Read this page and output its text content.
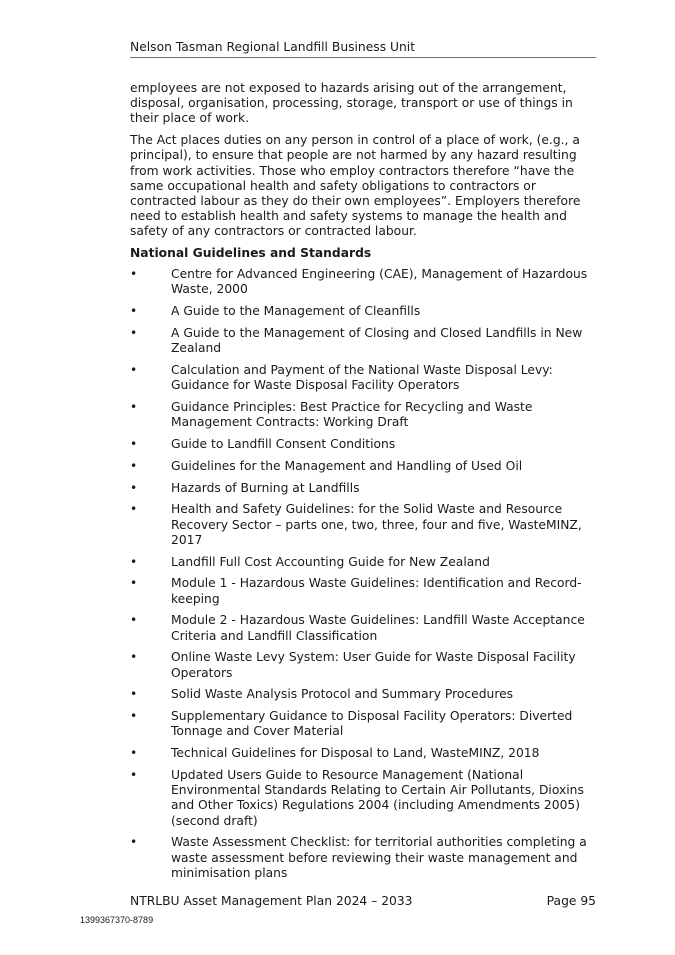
Nelson Tasman Regional Landfill Business Unit

employees are not exposed to hazards arising out of the arrangement, disposal, organisation, processing, storage, transport or use of things in their place of work.

The Act places duties on any person in control of a place of work, (e.g., a principal), to ensure that people are not harmed by any hazard resulting from work activities. Those who employ contractors therefore “have the same occupational health and safety obligations to contractors or contracted labour as they do their own employees”. Employers therefore need to establish health and safety systems to manage the health and safety of any contractors or contracted labour.

National Guidelines and Standards
•	Centre for Advanced Engineering (CAE), Management of Hazardous Waste, 2000
•	A Guide to the Management of Cleanfills
•	A Guide to the Management of Closing and Closed Landfills in New Zealand
•	Calculation and Payment of the National Waste Disposal Levy: Guidance for Waste Disposal Facility Operators
•	Guidance Principles: Best Practice for Recycling and Waste Management Contracts: Working Draft
•	Guide to Landfill Consent Conditions
•	Guidelines for the Management and Handling of Used Oil
•	Hazards of Burning at Landfills
•	Health and Safety Guidelines: for the Solid Waste and Resource Recovery Sector – parts one, two, three, four and five, WasteMINZ, 2017
•	Landfill Full Cost Accounting Guide for New Zealand
•	Module 1 - Hazardous Waste Guidelines: Identification and Record-keeping
•	Module 2 - Hazardous Waste Guidelines: Landfill Waste Acceptance Criteria and Landfill Classification
•	Online Waste Levy System: User Guide for Waste Disposal Facility Operators
•	Solid Waste Analysis Protocol and Summary Procedures
•	Supplementary Guidance to Disposal Facility Operators: Diverted Tonnage and Cover Material
•	Technical Guidelines for Disposal to Land, WasteMINZ, 2018
•	Updated Users Guide to Resource Management (National Environmental Standards Relating to Certain Air Pollutants, Dioxins and Other Toxics) Regulations 2004 (including Amendments 2005) (second draft)
•	Waste Assessment Checklist: for territorial authorities completing a waste assessment before reviewing their waste management and minimisation plans
NTRLBU Asset Management Plan 2024 – 2033	Page 95
1399367370-8789
